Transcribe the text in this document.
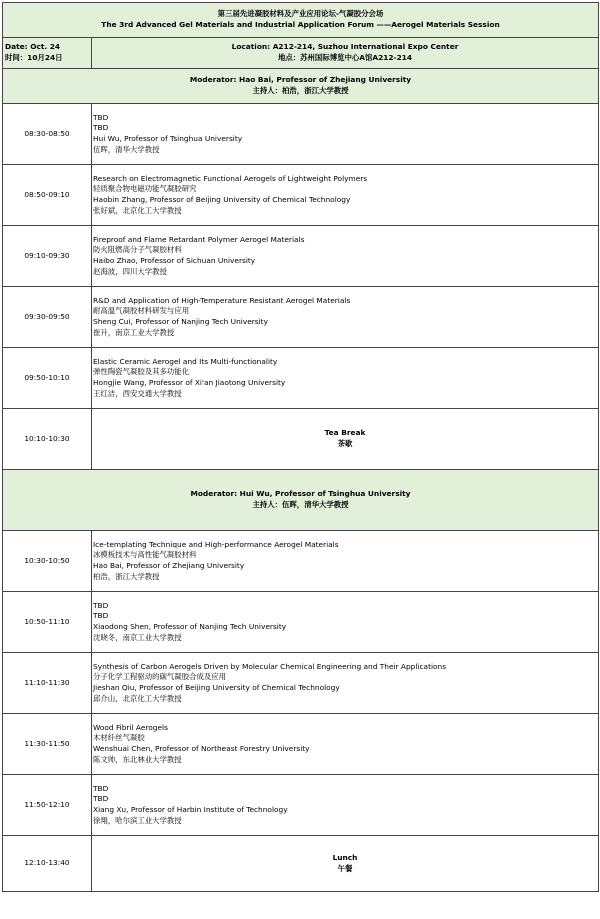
第三届先进凝胶材料及产业应用论坛-气凝胶分会场
The 3rd Advanced Gel Materials and Industrial Application Forum ——Aerogel Materials Session	

Date: Oct. 24
时间：10月24日	Location: A212-214, Suzhou International Expo Center
地点：苏州国际博览中心A馆A212-214

Moderator: Hao Bai, Professor of Zhejiang University
主持人：柏浩，浙江大学教授	

08:30-08:50	TBD
TBD
Hui Wu, Professor of Tsinghua University
伍晖，清华大学教授

08:50-09:10	Research on Electromagnetic Functional Aerogels of Lightweight Polymers
轻质聚合物电磁功能气凝胶研究
Haobin Zhang, Professor of Beijing University of Chemical Technology
张好斌，北京化工大学教授

09:10-09:30	Fireproof and Flame Retardant Polymer Aerogel Materials
防火阻燃高分子气凝胶材料
Haibo Zhao, Professor of Sichuan University
赵海波，四川大学教授

09:30-09:50	R&D and Application of High-Temperature Resistant Aerogel Materials
耐高温气凝胶材料研发与应用
Sheng Cui, Professor of Nanjing Tech University
崔升，南京工业大学教授

09:50-10:10	Elastic Ceramic Aerogel and Its Multi-functionality
弹性陶瓷气凝胶及其多功能化
Hongjie Wang, Professor of Xi'an Jiaotong University
王红洁，西安交通大学教授

10:10-10:30	Tea Break
茶歇

Moderator: Hui Wu, Professor of Tsinghua University
主持人：伍晖，清华大学教授	

10:30-10:50	Ice-templating Technique and High-performance Aerogel Materials
冰模板技术与高性能气凝胶材料
Hao Bai, Professor of Zhejiang University
柏浩，浙江大学教授

10:50-11:10	TBD
TBD
Xiaodong Shen, Professor of Nanjing Tech University
沈晓冬，南京工业大学教授

11:10-11:30	Synthesis of Carbon Aerogels Driven by Molecular Chemical Engineering and Their Applications
分子化学工程驱动的碳气凝胶合成及应用
Jieshan Qiu, Professor of Beijing University of Chemical Technology
邱介山，北京化工大学教授

11:30-11:50	Wood Fibril Aerogels
木材纤丝气凝胶
Wenshuai Chen, Professor of Northeast Forestry University
陈文帅，东北林业大学教授

11:50-12:10	TBD
TBD
Xiang Xu, Professor of Harbin Institute of Technology
徐翔，哈尔滨工业大学教授

12:10-13:40	Lunch
午餐
